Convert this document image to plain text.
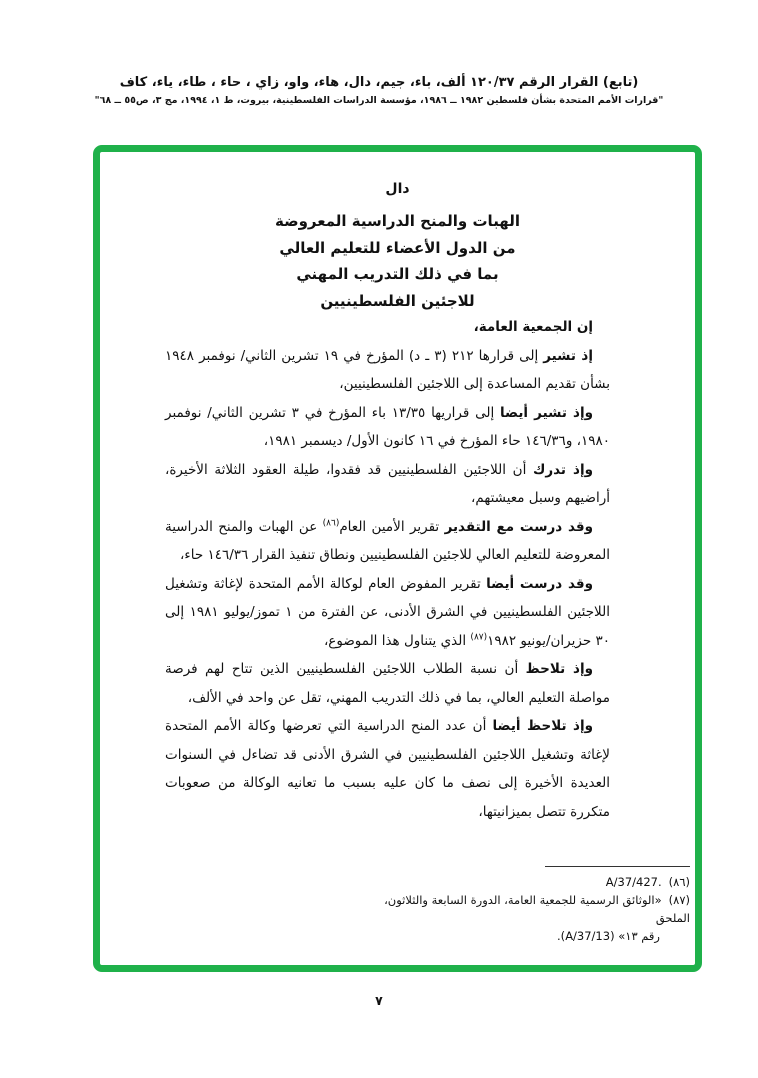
(تابع) القرار الرقم ١٢٠/٣٧ ألف، باء، جيم، دال، هاء، واو، زاي ، حاء ، طاء، ياء، كاف
"قرارات الأمم المتحدة بشأن فلسطين ١٩٨٢ ــ ١٩٨٦، مؤسسة الدراسات الفلسطينية، بيروت، ط ١، ١٩٩٤، مج ٣، ص٥٥ ــ ٦٨"
دال
الهبات والمنح الدراسية المعروضة
من الدول الأعضاء للتعليم العالي
بما في ذلك التدريب المهني
للاجئين الفلسطينيين

إن الجمعية العامة،

إذ تشير إلى قرارها ٢١٢ (٣ ـ د) المؤرخ في ١٩ تشرين الثاني/ نوفمبر ١٩٤٨ بشأن تقديم المساعدة إلى اللاجئين الفلسطينيين،

وإذ تشير أيضا إلى قراريها ١٣/٣٥ باء المؤرخ في ٣ تشرين الثاني/ نوفمبر ١٩٨٠، و١٤٦/٣٦ حاء المؤرخ في ١٦ كانون الأول/ ديسمبر ١٩٨١،

وإذ تدرك أن اللاجئين الفلسطينيين قد فقدوا، طيلة العقود الثلاثة الأخيرة، أراضيهم وسبل معيشتهم،

وقد درست مع التقدير تقرير الأمين العام$^{(٨٦)}$ عن الهبات والمنح الدراسية المعروضة للتعليم العالي للاجئين الفلسطينيين ونطاق تنفيذ القرار ١٤٦/٣٦ حاء،

وقد درست أيضا تقرير المفوض العام لوكالة الأمم المتحدة لإغاثة وتشغيل اللاجئين الفلسطينيين في الشرق الأدنى، عن الفترة من ١ تموز/يوليو ١٩٨١ إلى ٣٠ حزيران/يونيو ١٩٨٢$^{(٨٧)}$ الذي يتناول هذا الموضوع،

وإذ تلاحظ أن نسبة الطلاب اللاجئين الفلسطينيين الذين تتاح لهم فرصة مواصلة التعليم العالي، بما في ذلك التدريب المهني، تقل عن واحد في الألف،

وإذ تلاحظ أيضا أن عدد المنح الدراسية التي تعرضها وكالة الأمم المتحدة لإغاثة وتشغيل اللاجئين الفلسطينيين في الشرق الأدنى قد تضاءل في السنوات العديدة الأخيرة إلى نصف ما كان عليه بسبب ما تعانيه الوكالة من صعوبات متكررة تتصل بميزانيتها،

(٨٦)A/37/427.
(٨٧)«الوثائق الرسمية للجمعية العامة، الدورة السابعة والثلاثون، الملحق
رقم ١٣» (A/37/13).
٧
